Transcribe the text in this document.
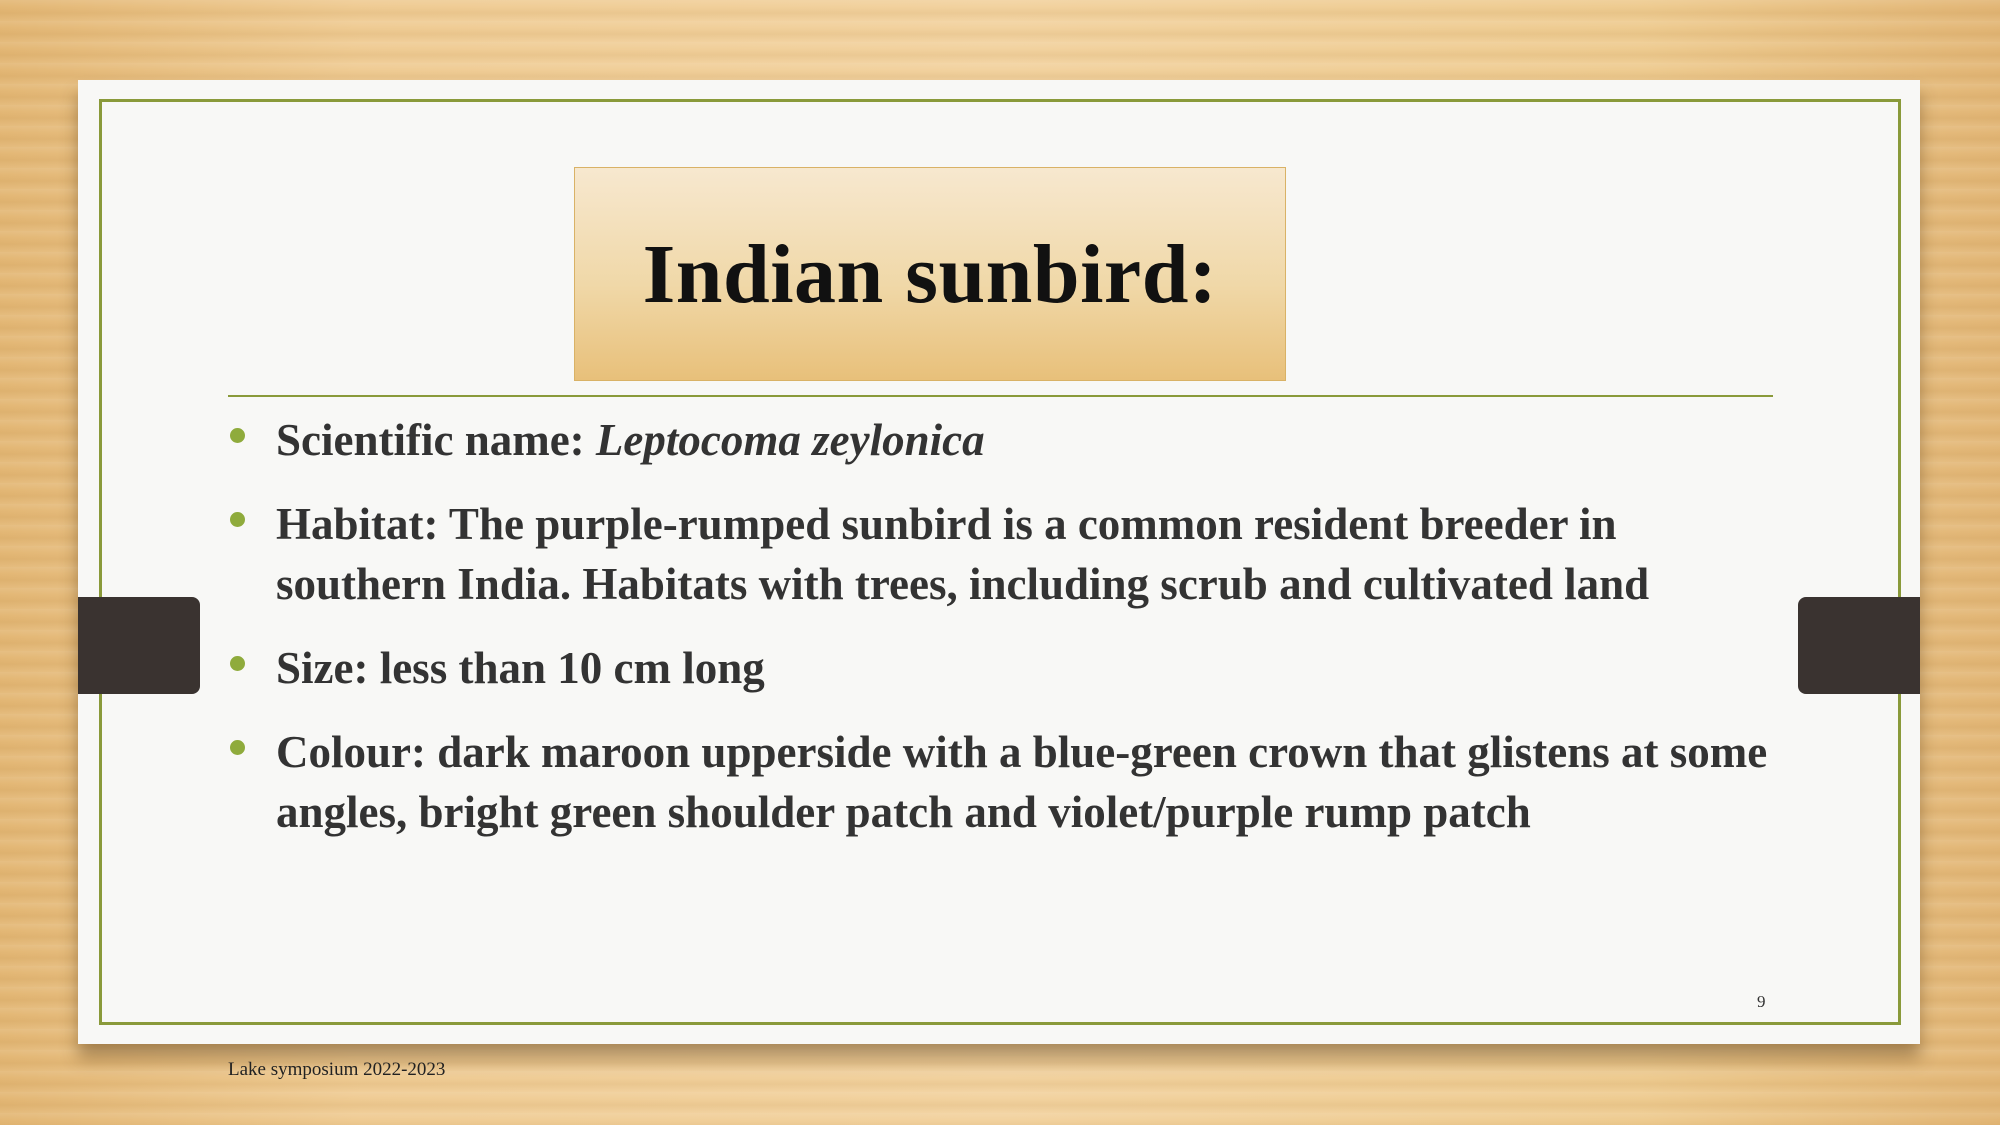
Indian sunbird:
Scientific name: Leptocoma zeylonica
Habitat: The purple-rumped sunbird is a common resident breeder in southern India. Habitats with trees, including scrub and cultivated land
Size: less than 10 cm long
Colour: dark maroon upperside with a blue-green crown that glistens at some angles, bright green shoulder patch and violet/purple rump patch
9
Lake symposium 2022-2023
